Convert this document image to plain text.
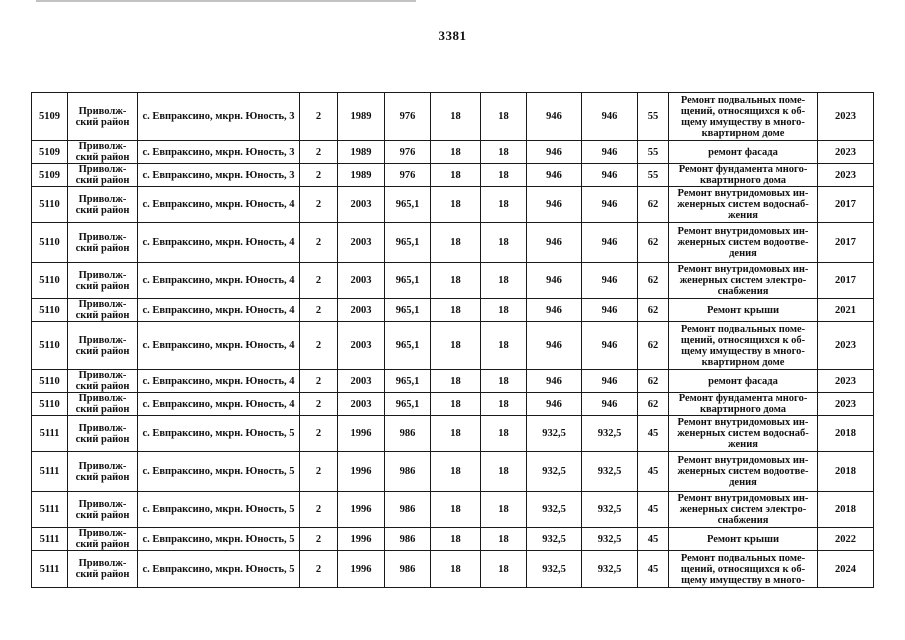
3381
5109	Приволж-ский район	с. Евпраксино, мкрн. Юность, 3	2	1989	976	18	18	946	946	55	Ремонт подвальных поме-щений, относящихся к об-щему имуществу в много-квартирном доме	2023
5109	Приволж-ский район	с. Евпраксино, мкрн. Юность, 3	2	1989	976	18	18	946	946	55	ремонт фасада	2023
5109	Приволж-ский район	с. Евпраксино, мкрн. Юность, 3	2	1989	976	18	18	946	946	55	Ремонт фундамента много-квартирного дома	2023
5110	Приволж-ский район	с. Евпраксино, мкрн. Юность, 4	2	2003	965,1	18	18	946	946	62	Ремонт внутридомовых ин-женерных систем водоснаб-жения	2017
5110	Приволж-ский район	с. Евпраксино, мкрн. Юность, 4	2	2003	965,1	18	18	946	946	62	Ремонт внутридомовых ин-женерных систем водоотве-дения	2017
5110	Приволж-ский район	с. Евпраксино, мкрн. Юность, 4	2	2003	965,1	18	18	946	946	62	Ремонт внутридомовых ин-женерных систем электро-снабжения	2017
5110	Приволж-ский район	с. Евпраксино, мкрн. Юность, 4	2	2003	965,1	18	18	946	946	62	Ремонт крыши	2021
5110	Приволж-ский район	с. Евпраксино, мкрн. Юность, 4	2	2003	965,1	18	18	946	946	62	Ремонт подвальных поме-щений, относящихся к об-щему имуществу в много-квартирном доме	2023
5110	Приволж-ский район	с. Евпраксино, мкрн. Юность, 4	2	2003	965,1	18	18	946	946	62	ремонт фасада	2023
5110	Приволж-ский район	с. Евпраксино, мкрн. Юность, 4	2	2003	965,1	18	18	946	946	62	Ремонт фундамента много-квартирного дома	2023
5111	Приволж-ский район	с. Евпраксино, мкрн. Юность, 5	2	1996	986	18	18	932,5	932,5	45	Ремонт внутридомовых ин-женерных систем водоснаб-жения	2018
5111	Приволж-ский район	с. Евпраксино, мкрн. Юность, 5	2	1996	986	18	18	932,5	932,5	45	Ремонт внутридомовых ин-женерных систем водоотве-дения	2018
5111	Приволж-ский район	с. Евпраксино, мкрн. Юность, 5	2	1996	986	18	18	932,5	932,5	45	Ремонт внутридомовых ин-женерных систем электро-снабжения	2018
5111	Приволж-ский район	с. Евпраксино, мкрн. Юность, 5	2	1996	986	18	18	932,5	932,5	45	Ремонт крыши	2022
5111	Приволж-ский район	с. Евпраксино, мкрн. Юность, 5	2	1996	986	18	18	932,5	932,5	45	Ремонт подвальных поме-щений, относящихся к об-щему имуществу в много-	2024
